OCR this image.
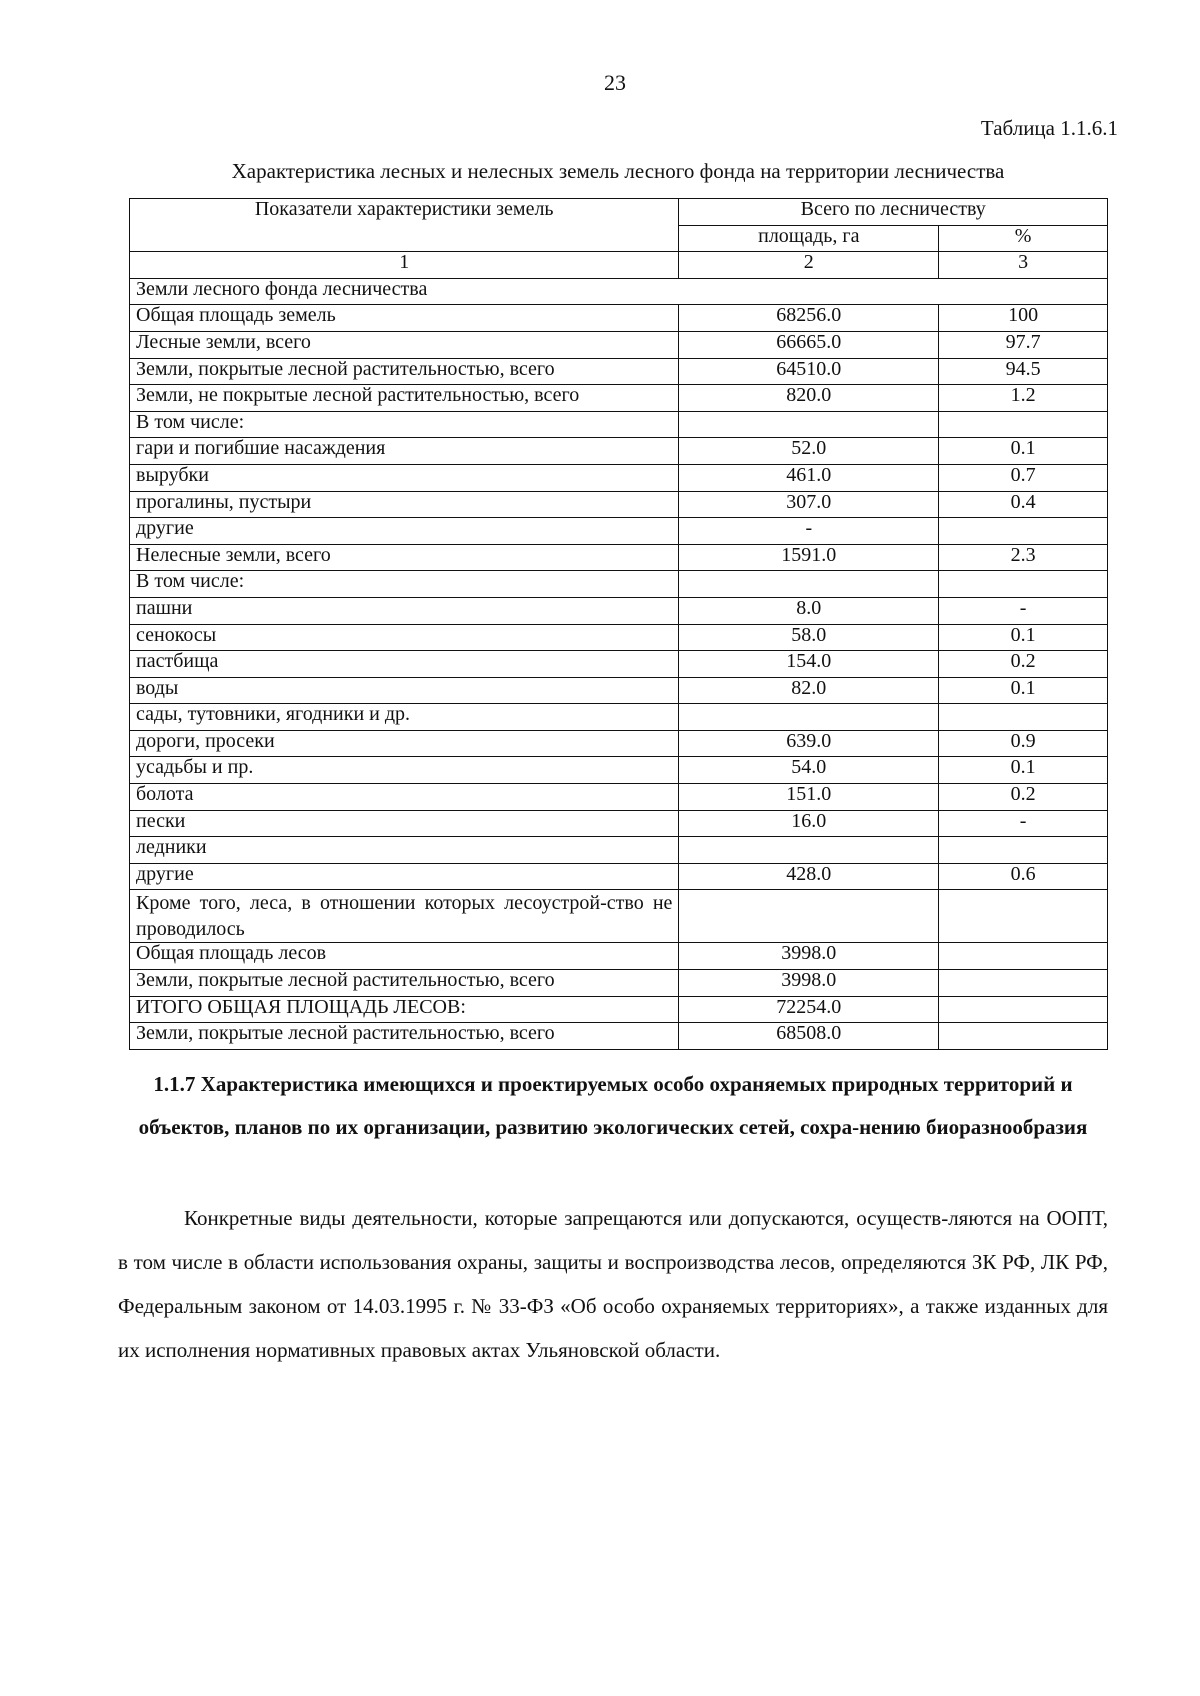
23
Таблица 1.1.6.1
Характеристика лесных и нелесных земель лесного фонда на территории лесничества
Показатели характеристики земель	Всего по лесничеству	
	площадь, га	%
1	2	3
Земли лесного фонда лесничества		
Общая площадь земель	68256.0	100
Лесные земли, всего	66665.0	97.7
Земли, покрытые лесной растительностью, всего	64510.0	94.5
Земли, не покрытые лесной растительностью, всего	820.0	1.2
В том числе:		
гари и погибшие насаждения	52.0	0.1
вырубки	461.0	0.7
прогалины, пустыри	307.0	0.4
другие	-	
Нелесные земли, всего	1591.0	2.3
В том числе:		
пашни	8.0	-
сенокосы	58.0	0.1
пастбища	154.0	0.2
воды	82.0	0.1
сады, тутовники, ягодники и др.		
дороги, просеки	639.0	0.9
усадьбы и пр.	54.0	0.1
болота	151.0	0.2
пески	16.0	-
ледники		
другие	428.0	0.6
Кроме того, леса, в отношении которых лесоустрой-ство не проводилось		
Общая площадь лесов	3998.0	
Земли, покрытые лесной растительностью, всего	3998.0	
ИТОГО ОБЩАЯ ПЛОЩАДЬ ЛЕСОВ:	72254.0	
Земли, покрытые лесной растительностью, всего	68508.0	
1.1.7 Характеристика имеющихся и проектируемых особо охраняемых природных территорий и объектов, планов по их организации, развитию экологических сетей, сохра-нению биоразнообразия
Конкретные виды деятельности, которые запрещаются или допускаются, осуществ-ляются на ООПТ, в том числе в области использования охраны, защиты и воспроизводства лесов, определяются ЗК РФ, ЛК РФ, Федеральным законом от 14.03.1995 г. № 33-ФЗ «Об особо охраняемых территориях», а также изданных для их исполнения нормативных правовых актах Ульяновской области.
